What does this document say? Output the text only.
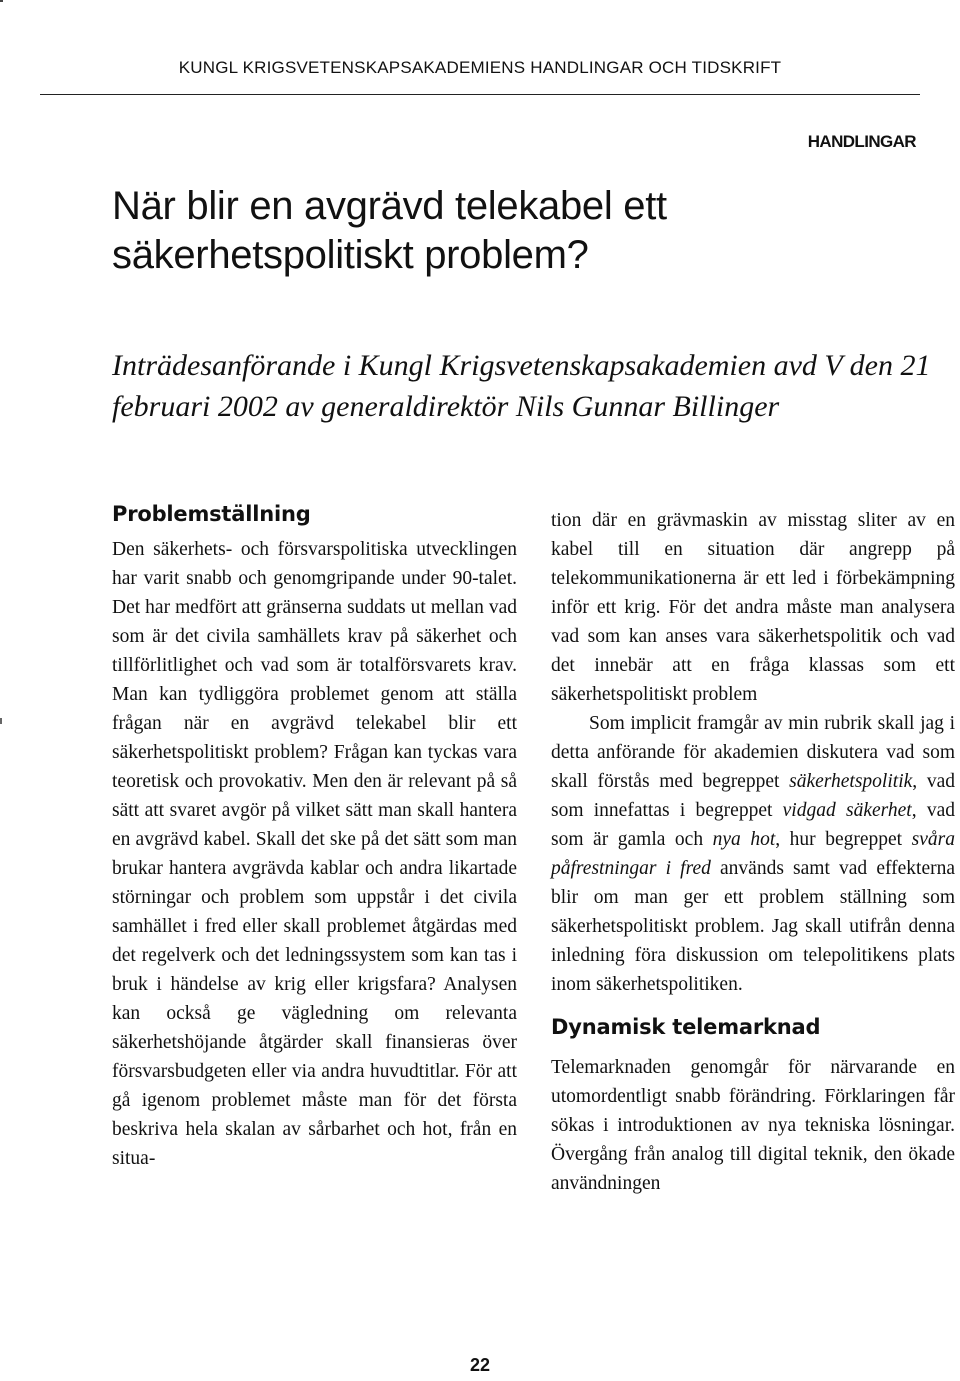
KUNGL KRIGSVETENSKAPSAKADEMIENS HANDLINGAR OCH TIDSKRIFT
HANDLINGAR
När blir en avgrävd telekabel ett säkerhetspolitiskt problem?

Inträdesanförande i Kungl Krigsvetenskapsakademien avd V den 21 februari 2002 av generaldirektör Nils Gunnar Billinger

Problemställning

Den säkerhets- och försvarspolitiska utvecklingen har varit snabb och genomgripande under 90-talet. Det har medfört att gränserna suddats ut mellan vad som är det civila samhällets krav på säkerhet och tillförlitlighet och vad som är totalförsvarets krav. Man kan tydliggöra problemet genom att ställa frågan när en avgrävd telekabel blir ett säkerhetspolitiskt problem? Frågan kan tyckas vara teoretisk och provokativ. Men den är relevant på så sätt att svaret avgör på vilket sätt man skall hantera en avgrävd kabel. Skall det ske på det sätt som man brukar hantera avgrävda kablar och andra likartade störningar och problem som uppstår i det civila samhället i fred eller skall problemet åtgärdas med det regelverk och det ledningssystem som kan tas i bruk i händelse av krig eller krigsfara? Analysen kan också ge vägledning om relevanta säkerhetshöjande åtgärder skall finansieras över försvarsbudgeten eller via andra huvudtitlar. För att gå igenom problemet måste man för det första beskriva hela skalan av sårbarhet och hot, från en situa-

tion där en grävmaskin av misstag sliter av en kabel till en situation där angrepp på telekommunikationerna är ett led i förbekämpning inför ett krig. För det andra måste man analysera vad som kan anses vara säkerhetspolitik och vad det innebär att en fråga klassas som ett säkerhetspolitiskt problem

Som implicit framgår av min rubrik skall jag i detta anförande för akademien diskutera vad som skall förstås med begreppet säkerhetspolitik, vad som innefattas i begreppet vidgad säkerhet, vad som är gamla och nya hot, hur begreppet svåra påfrestningar i fred används samt vad effekterna blir om man ger ett problem ställning som säkerhetspolitiskt problem. Jag skall utifrån denna inledning föra diskussion om telepolitikens plats inom säkerhetspolitiken.

Dynamisk telemarknad

Telemarknaden genomgår för närvarande en utomordentligt snabb förändring. Förklaringen får sökas i introduktionen av nya tekniska lösningar. Övergång från analog till digital teknik, den ökade användningen

22
